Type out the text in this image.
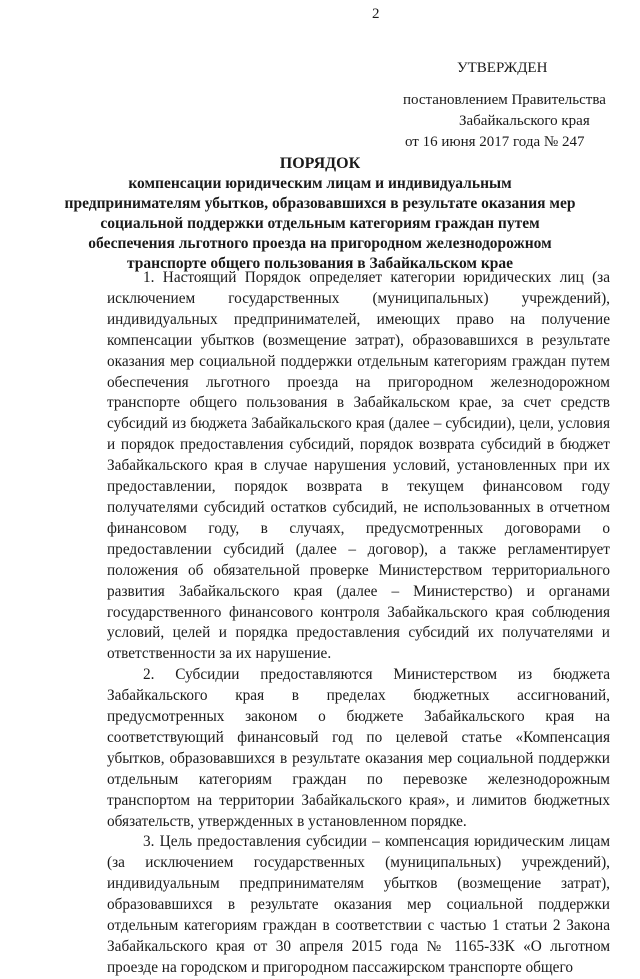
2
УТВЕРЖДЕН
постановлением Правительства
Забайкальского края
от 16 июня 2017 года № 247
ПОРЯДОК
компенсации юридическим лицам и индивидуальным
предпринимателям убытков, образовавшихся в результате оказания мер
социальной поддержки отдельным категориям граждан путем
обеспечения льготного проезда на пригородном железнодорожном
транспорте общего пользования в Забайкальском крае

1. Настоящий Порядок определяет категории юридических лиц (за исключением государственных (муниципальных) учреждений), индивидуальных предпринимателей, имеющих право на получение компенсации убытков (возмещение затрат), образовавшихся в результате оказания мер социальной поддержки отдельным категориям граждан путем обеспечения льготного проезда на пригородном железнодорожном транспорте общего пользования в Забайкальском крае, за счет средств субсидий из бюджета Забайкальского края (далее – субсидии), цели, условия и порядок предоставления субсидий, порядок возврата субсидий в бюджет Забайкальского края в случае нарушения условий, установленных при их предоставлении, порядок возврата в текущем финансовом году получателями субсидий остатков субсидий, не использованных в отчетном финансовом году, в случаях, предусмотренных договорами о предоставлении субсидий (далее – договор), а также регламентирует положения об обязательной проверке Министерством территориального развития Забайкальского края (далее – Министерство) и органами государственного финансового контроля Забайкальского края соблюдения условий, целей и порядка предоставления субсидий их получателями и ответственности за их нарушение.

2. Субсидии предоставляются Министерством из бюджета Забайкальского края в пределах бюджетных ассигнований, предусмотренных законом о бюджете Забайкальского края на соответствующий финансовый год по целевой статье «Компенсация убытков, образовавшихся в результате оказания мер социальной поддержки отдельным категориям граждан по перевозке железнодорожным транспортом на территории Забайкальского края», и лимитов бюджетных обязательств, утвержденных в установленном порядке.

3. Цель предоставления субсидии – компенсация юридическим лицам (за исключением государственных (муниципальных) учреждений), индивидуальным предпринимателям убытков (возмещение затрат), образовавшихся в результате оказания мер социальной поддержки отдельным категориям граждан в соответствии с частью 1 статьи 2 Закона Забайкальского края от 30 апреля 2015 года № 1165-ЗЗК «О льготном проезде на городском и пригородном пассажирском транспорте общего
